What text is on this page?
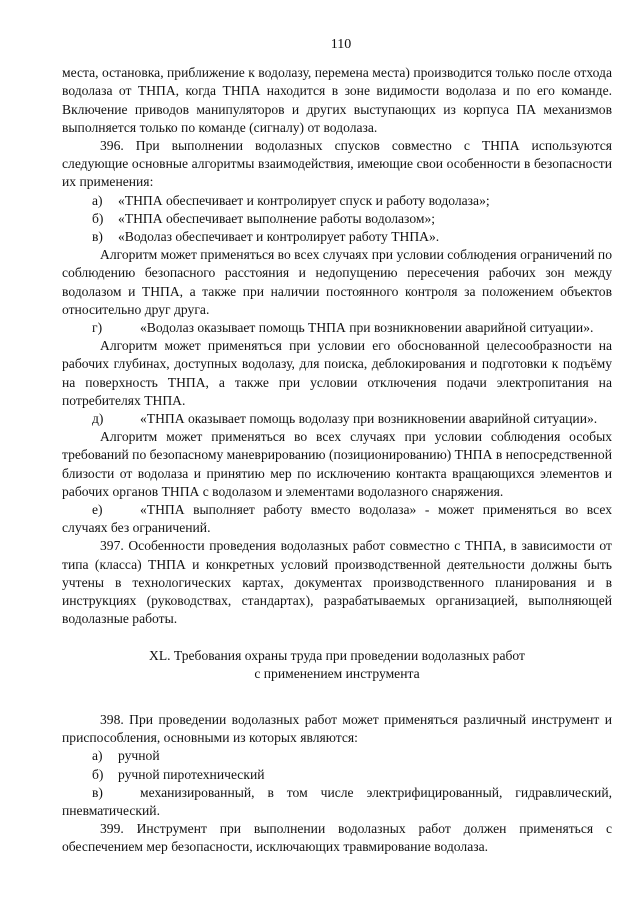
110

места, остановка, приближение к водолазу, перемена места) производится только после отхода водолаза от ТНПА, когда ТНПА находится в зоне видимости водолаза и по его команде. Включение приводов манипуляторов и других выступающих из корпуса ПА механизмов выполняется только по команде (сигналу) от водолаза.

396. При выполнении водолазных спусков совместно с ТНПА используются следующие основные алгоритмы взаимодействия, имеющие свои особенности в безопасности их применения:

а)	«ТНПА обеспечивает и контролирует спуск и работу водолаза»;
б)	«ТНПА обеспечивает выполнение работы водолазом»;
в)	«Водолаз обеспечивает и контролирует работу ТНПА».

Алгоритм может применяться во всех случаях при условии соблюдения ограничений по соблюдению безопасного расстояния и недопущению пересечения рабочих зон между водолазом и ТНПА, а также при наличии постоянного контроля за положением объектов относительно друг друга.

г)	«Водолаз оказывает помощь ТНПА при возникновении аварийной ситуации».

Алгоритм может применяться при условии его обоснованной целесообразности на рабочих глубинах, доступных водолазу, для поиска, деблокирования и подготовки к подъёму на поверхность ТНПА, а также при условии отключения подачи электропитания на потребителях ТНПА.

д)	«ТНПА оказывает помощь водолазу при возникновении аварийной ситуации».

Алгоритм может применяться во всех случаях при условии соблюдения особых требований по безопасному маневрированию (позиционированию) ТНПА в непосредственной близости от водолаза и принятию мер по исключению контакта вращающихся элементов и рабочих органов ТНПА с водолазом и элементами водолазного снаряжения.

е)	«ТНПА выполняет работу вместо водолаза» - может применяться во всех случаях без ограничений.

397. Особенности проведения водолазных работ совместно с ТНПА, в зависимости от типа (класса) ТНПА и конкретных условий производственной деятельности должны быть учтены в технологических картах, документах производственного планирования и в инструкциях (руководствах, стандартах), разрабатываемых организацией, выполняющей водолазные работы.

XL. Требования охраны труда при проведении водолазных работ
с применением инструмента

398. При проведении водолазных работ может применяться различный инструмент и приспособления, основными из которых являются:

а)	ручной
б)	ручной пиротехнический
в)	механизированный, в том числе электрифицированный, гидравлический, пневматический.

399. Инструмент при выполнении водолазных работ должен применяться с обеспечением мер безопасности, исключающих травмирование водолаза.
